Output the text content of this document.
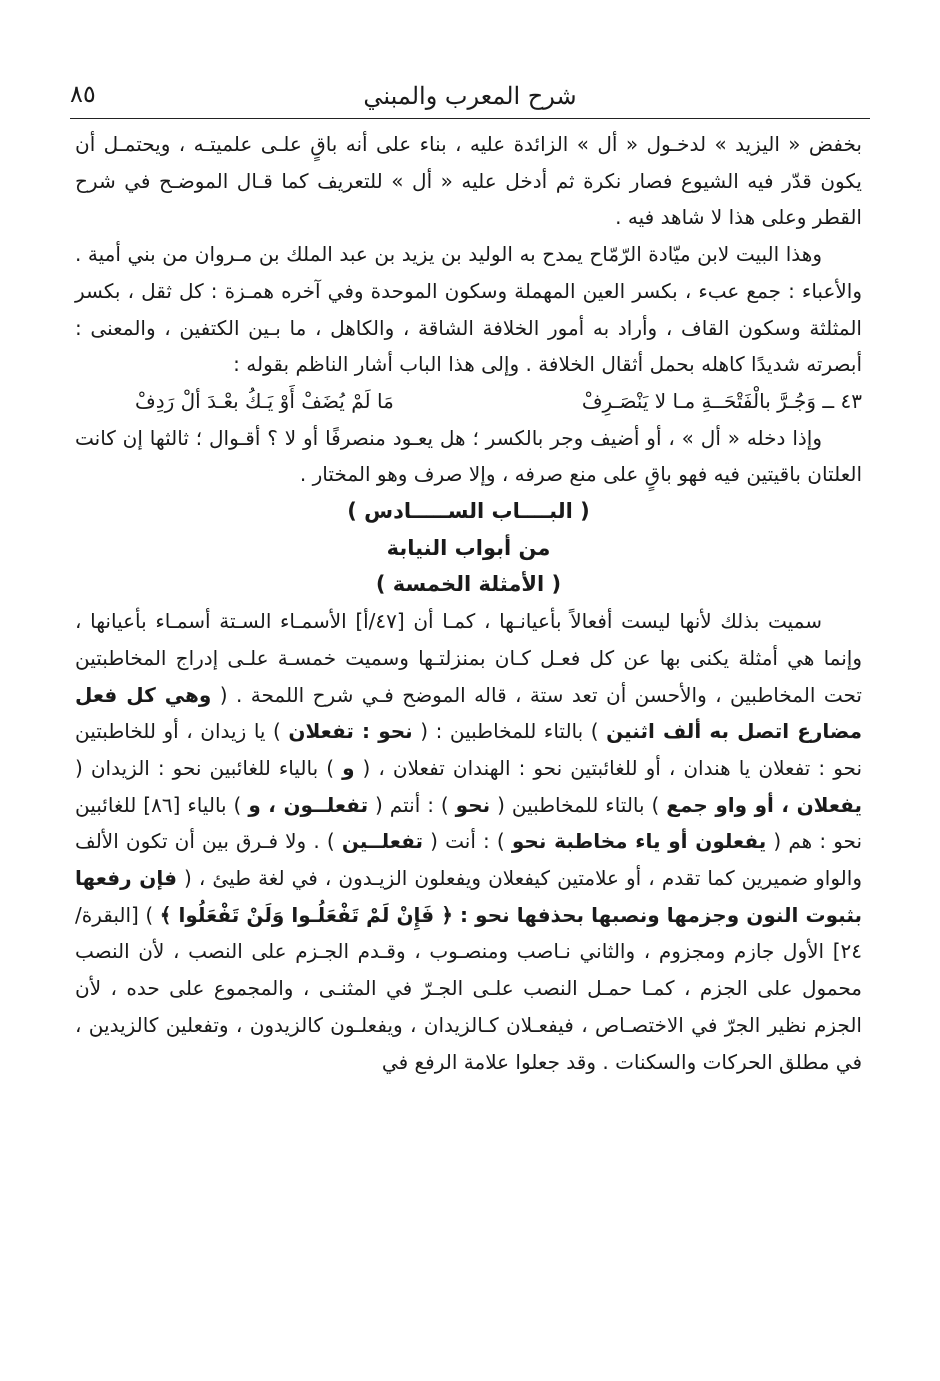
شرح المعرب والمبني
٨٥

بخفض « اليزيد » لدخـول « أل » الزائدة عليه ، بناء على أنه باقٍ علـى علميتـه ، ويحتمـل أن يكون قدّر فيه الشيوع فصار نكرة ثم أدخل عليه « أل » للتعريف كما قـال الموضـح في شرح القطر وعلى هذا لا شاهد فيه .

وهذا البيت لابن ميّادة الرّمّاح يمدح به الوليد بن يزيد بن عبد الملك بن مـروان من بني أمية . والأعباء : جمع عبء ، بكسر العين المهملة وسكون الموحدة وفي آخره همـزة : كل ثقل ، بكسر المثلثة وسكون القاف ، وأراد به أمور الخلافة الشاقة ، والكاهل ، ما بـين الكتفين ، والمعنى : أبصرته شديدًا كاهله بحمل أثقال الخلافة . وإلى هذا الباب أشار الناظم بقوله :

٤٣ ــ وَجُـرَّ بالْفَتْحَــةِ مـا لا يَنْصَـرِفْ
مَا لَمْ يُضَفْ أَوْ يَـكُ بعْـدَ ألْ رَدِفْ

وإذا دخله « أل » ، أو أضيف وجر بالكسر ؛ هل يعـود منصرفًا أو لا ؟ أقـوال ؛ ثالثها إن كانت العلتان باقيتين فيه فهو باقٍ على منع صرفه ، وإلا صرف وهو المختار .

( البــــاب الســـــادس )

من أبواب النيابة

( الأمثلة الخمسة )

سميت بذلك لأنها ليست أفعالاً بأعيانـها ، كمـا أن [٤٧/أ] الأسمـاء السـتة أسمـاء بأعيانها ، وإنما هي أمثلة يكنى بها عن كل فعـل كـان بمنزلتـها وسميت خمسـة علـى إدراج المخاطبتين تحت المخاطبين ، والأحسن أن تعد ستة ، قاله الموضح فـي شرح اللمحة . ( وهي كل فعل مضارع اتصل به ألف اثنين ) بالتاء للمخاطبين : ( نحو : تفعلان ) يا زيدان ، أو للخاطبتين نحو : تفعلان يا هندان ، أو للغائبتين نحو : الهندان تفعلان ، ( و ) بالياء للغائبين نحو : الزيدان ( يفعلان ، أو واو جمع ) بالتاء للمخاطبين ( نحو ) : أنتم ( تفعلــون ، و ) بالياء [٨٦] للغائبين نحو : هم ( يفعلون أو ياء مخاطبة نحو ) : أنت ( تفعلــين ) . ولا فـرق بين أن تكون الألف والواو ضميرين كما تقدم ، أو علامتين كيفعلان ويفعلون الزيـدون ، في لغة طيئ ، ( فإن رفعها بثبوت النون وجزمها ونصبها بحذفها نحو : ﴿ فَإِنْ لَمْ تَفْعَلُـوا وَلَنْ تَفْعَلُوا ﴾ ) [البقرة/٢٤] الأول جازم ومجزوم ، والثاني نـاصب ومنصـوب ، وقـدم الجـزم على النصب ، لأن النصب محمول على الجزم ، كمـا حمـل النصب علـى الجـرّ في المثنـى ، والمجموع على حده ، لأن الجزم نظير الجرّ في الاختصـاص ، فيفعـلان كـالزيدان ، ويفعلـون كالزيدون ، وتفعلين كالزيدين ، في مطلق الحركات والسكنات . وقد جعلوا علامة الرفع في
